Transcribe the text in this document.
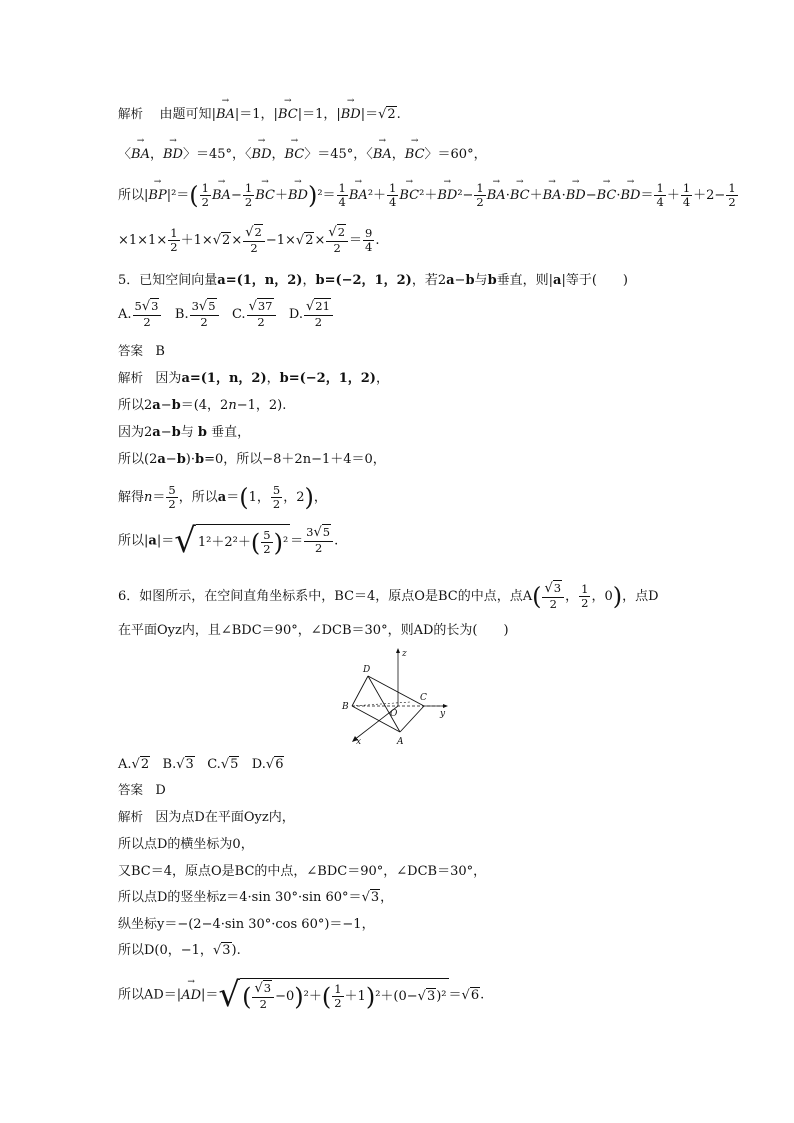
解析 由题可知|→ BA|＝1，|→ BC|＝1，|→ BD|＝√2.
〈→ BA，→ BD〉＝45°，〈→ BD，→ BC〉＝45°，〈→ BA，→ BC〉＝60°，
所以|→ $BP|^2=( \frac{1}{2}$
→ $BA- \frac{1}{2}$
→ $BC+\to BD)^2= \frac{1}{4}$
→ $BA^2+ \frac{1}{4}$
→ $BC^2+\to BD^2- \frac{1}{2}$
→ $BA\cdot\to BC+\to BA\cdot\to BD-\to BC\cdot\to BD= \frac{1}{4} + \frac{1}{4} +2- \frac{1}{2}$
$\times 1\times 1\times \frac{1}{2} +1\times√2\times \frac{√2}{2} -1\times√2\times \frac{√2}{2} = \frac{9}{4}$ .
5．已知空间向量a=(1，n，2)，b=(−2，1，2)，若2a−b与b垂直，则|a|等于(　　)
A. $\frac{5√3}{2} B$. $\frac{3√5}{2} C$. $\frac{√37}{2} D$. $\frac{√21}{2}$
答案 B
解析 因为a=(1，n，2)，b=(−2，1，2)，
所以2a−b＝(4，2n−1，2).
因为2a−b与 b 垂直，
所以(2a−b)·b=0，所以−8＋2n−1＋4＝0，
解得$n= \frac{5}{2}$ ，所以a＝(1， $\frac{5}{2}$ ，2)，
所以|a|＝ √ 1²＋2²＋ ( 5
2 ) $^2 = \frac{3√5}{2}$ .
6．如图所示，在空间直角坐标系中，BC＝4，原点O是BC的中点，点$A( \frac{√3}{2}$ ， $\frac{1}{2}$ ，0)，点D
在平面Oyz内，且∠BDC＝90°，∠DCB＝30°，则AD的长为(　　)
D
B
O
C
A
x
y
z
A.√2 B.√3 C.√5 D.√6
答案 D
解析 因为点D在平面Oyz内，
所以点D的横坐标为0，
又BC＝4，原点O是BC的中点，∠BDC＝90°，∠DCB＝30°，
所以点D的竖坐标z＝4·sin 30°·sin 60°＝√3，
纵坐标y＝−(2−4·sin 30°·cos 60°)＝−1，
所以D(0，−1，√3).
所以AD＝|→ AD|＝ √ ( √3
2 −0 ) ²＋ ( 1
2 ＋1 ) ²＋(0− √3 )² ＝√6.
